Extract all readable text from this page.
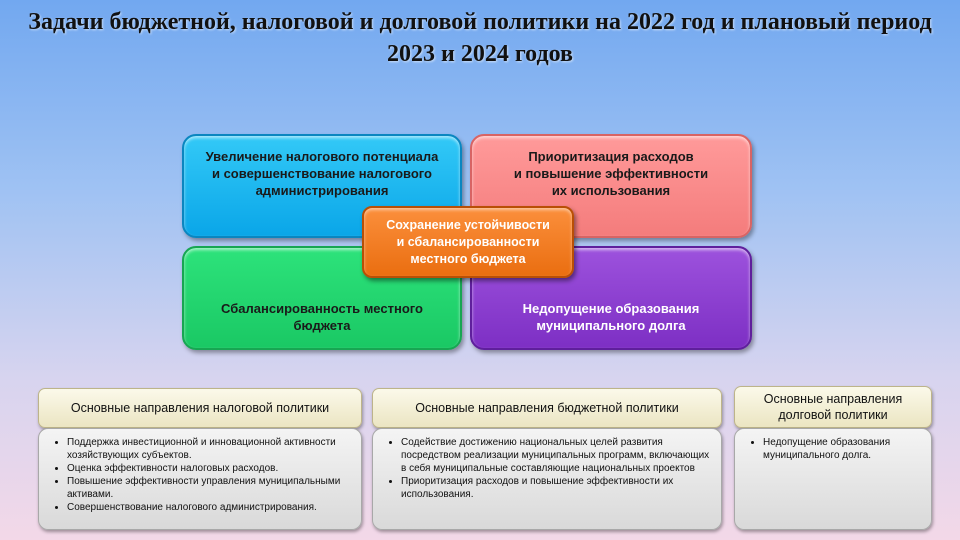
Задачи бюджетной, налоговой и долговой политики на 2022 год и плановый период 2023 и 2024 годов
Увеличение налогового потенциала
и совершенствование налогового
администрирования
Приоритизация расходов
и повышение эффективности
их использования
Сбалансированность местного
бюджета
Недопущение образования
муниципального долга
Сохранение устойчивости
и сбалансированности
местного бюджета
Основные направления налоговой политики
• Поддержка инвестиционной и инновационной активности хозяйствующих субъектов.
• Оценка эффективности налоговых расходов.
• Повышение эффективности управления муниципальными активами.
• Совершенствование налогового администрирования.
Основные направления бюджетной политики
• Содействие достижению национальных целей развития посредством реализации муниципальных программ, включающих в себя муниципальные составляющие национальных проектов
• Приоритизация расходов и повышение эффективности их использования.
Основные направления
долговой политики
• Недопущение образования муниципального долга.
